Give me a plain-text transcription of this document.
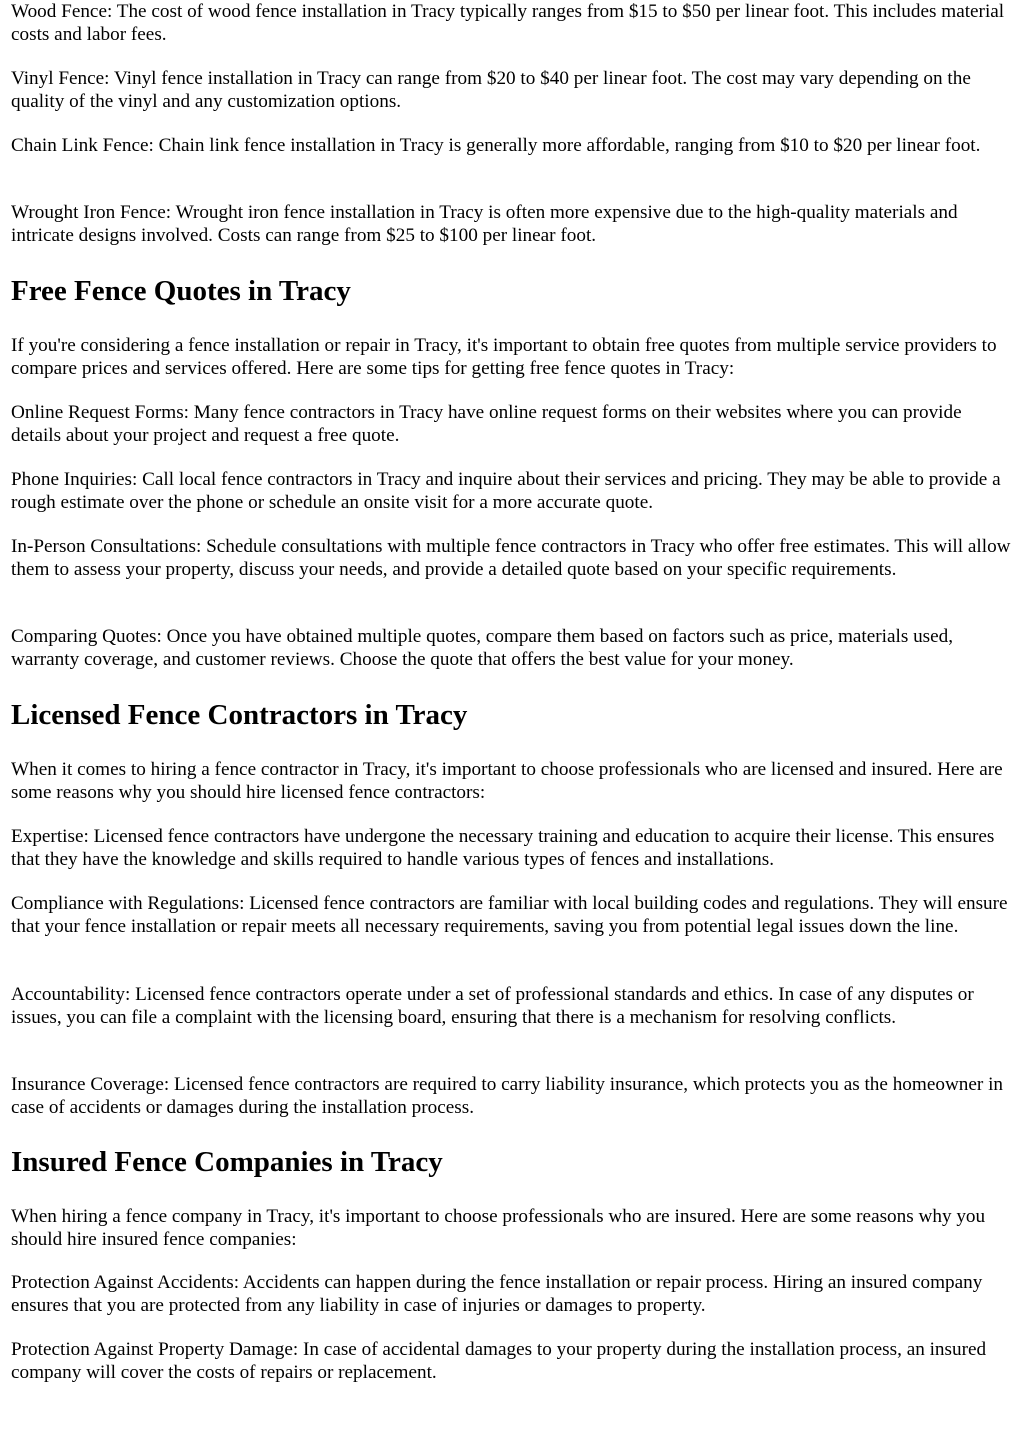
Wood Fence: The cost of wood fence installation in Tracy typically ranges from $15 to $50 per linear foot. This includes material costs and labor fees.

Vinyl Fence: Vinyl fence installation in Tracy can range from $20 to $40 per linear foot. The cost may vary depending on the quality of the vinyl and any customization options.

Chain Link Fence: Chain link fence installation in Tracy is generally more affordable, ranging from $10 to $20 per linear foot.

Wrought Iron Fence: Wrought iron fence installation in Tracy is often more expensive due to the high-quality materials and intricate designs involved. Costs can range from $25 to $100 per linear foot.

Free Fence Quotes in Tracy

If you're considering a fence installation or repair in Tracy, it's important to obtain free quotes from multiple service providers to compare prices and services offered. Here are some tips for getting free fence quotes in Tracy:

Online Request Forms: Many fence contractors in Tracy have online request forms on their websites where you can provide details about your project and request a free quote.

Phone Inquiries: Call local fence contractors in Tracy and inquire about their services and pricing. They may be able to provide a rough estimate over the phone or schedule an onsite visit for a more accurate quote.

In-Person Consultations: Schedule consultations with multiple fence contractors in Tracy who offer free estimates. This will allow them to assess your property, discuss your needs, and provide a detailed quote based on your specific requirements.

Comparing Quotes: Once you have obtained multiple quotes, compare them based on factors such as price, materials used, warranty coverage, and customer reviews. Choose the quote that offers the best value for your money.

Licensed Fence Contractors in Tracy

When it comes to hiring a fence contractor in Tracy, it's important to choose professionals who are licensed and insured. Here are some reasons why you should hire licensed fence contractors:

Expertise: Licensed fence contractors have undergone the necessary training and education to acquire their license. This ensures that they have the knowledge and skills required to handle various types of fences and installations.

Compliance with Regulations: Licensed fence contractors are familiar with local building codes and regulations. They will ensure that your fence installation or repair meets all necessary requirements, saving you from potential legal issues down the line.

Accountability: Licensed fence contractors operate under a set of professional standards and ethics. In case of any disputes or issues, you can file a complaint with the licensing board, ensuring that there is a mechanism for resolving conflicts.

Insurance Coverage: Licensed fence contractors are required to carry liability insurance, which protects you as the homeowner in case of accidents or damages during the installation process.

Insured Fence Companies in Tracy

When hiring a fence company in Tracy, it's important to choose professionals who are insured. Here are some reasons why you should hire insured fence companies:

Protection Against Accidents: Accidents can happen during the fence installation or repair process. Hiring an insured company ensures that you are protected from any liability in case of injuries or damages to property.

Protection Against Property Damage: In case of accidental damages to your property during the installation process, an insured company will cover the costs of repairs or replacement.
